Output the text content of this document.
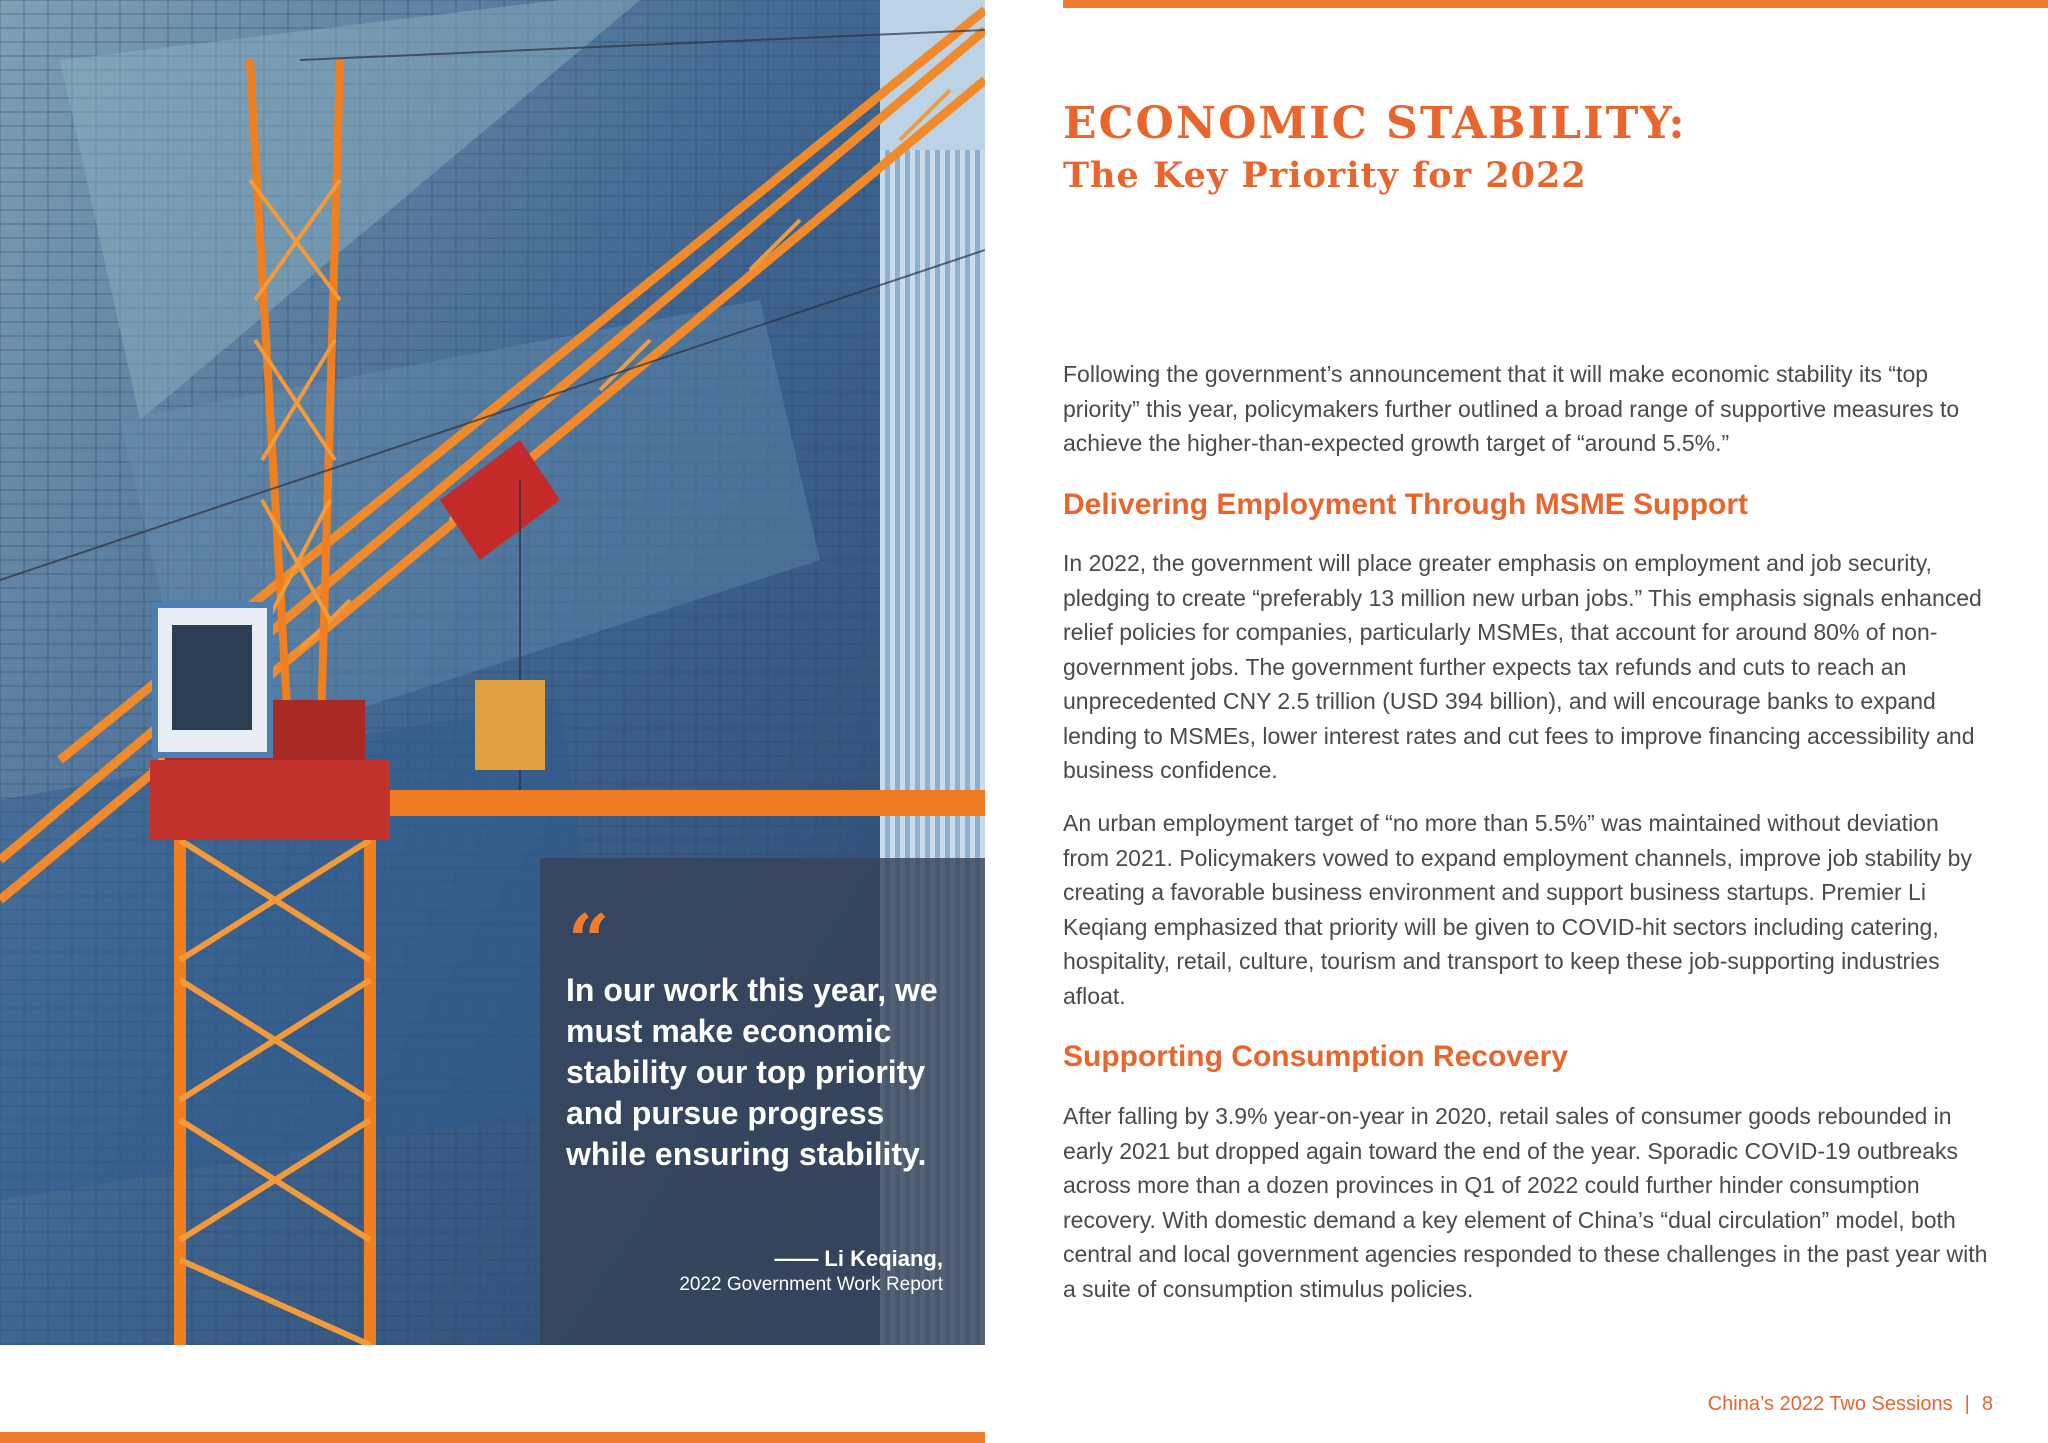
“
In our work this year, we must make economic stability our top priority and pursue progress while ensuring stability.
—— Li Keqiang,
2022 Government Work Report
ECONOMIC STABILITY:
The Key Priority for 2022

Following the government’s announcement that it will make economic stability its “top priority” this year, policymakers further outlined a broad range of supportive measures to achieve the higher-than-expected growth target of “around 5.5%.”

Delivering Employment Through MSME Support

In 2022, the government will place greater emphasis on employment and job security, pledging to create “preferably 13 million new urban jobs.” This emphasis signals enhanced relief policies for companies, particularly MSMEs, that account for around 80% of non-government jobs. The government further expects tax refunds and cuts to reach an unprecedented CNY 2.5 trillion (USD 394 billion), and will encourage banks to expand lending to MSMEs, lower interest rates and cut fees to improve financing accessibility and business confidence.

An urban employment target of “no more than 5.5%” was maintained without deviation from 2021. Policymakers vowed to expand employment channels, improve job stability by creating a favorable business environment and support business startups. Premier Li Keqiang emphasized that priority will be given to COVID-hit sectors including catering, hospitality, retail, culture, tourism and transport to keep these job-supporting industries afloat.

Supporting Consumption Recovery

After falling by 3.9% year-on-year in 2020, retail sales of consumer goods rebounded in early 2021 but dropped again toward the end of the year. Sporadic COVID-19 outbreaks across more than a dozen provinces in Q1 of 2022 could further hinder consumption recovery. With domestic demand a key element of China’s “dual circulation” model, both central and local government agencies responded to these challenges in the past year with a suite of consumption stimulus policies.

China’s 2022 Two Sessions | 8
